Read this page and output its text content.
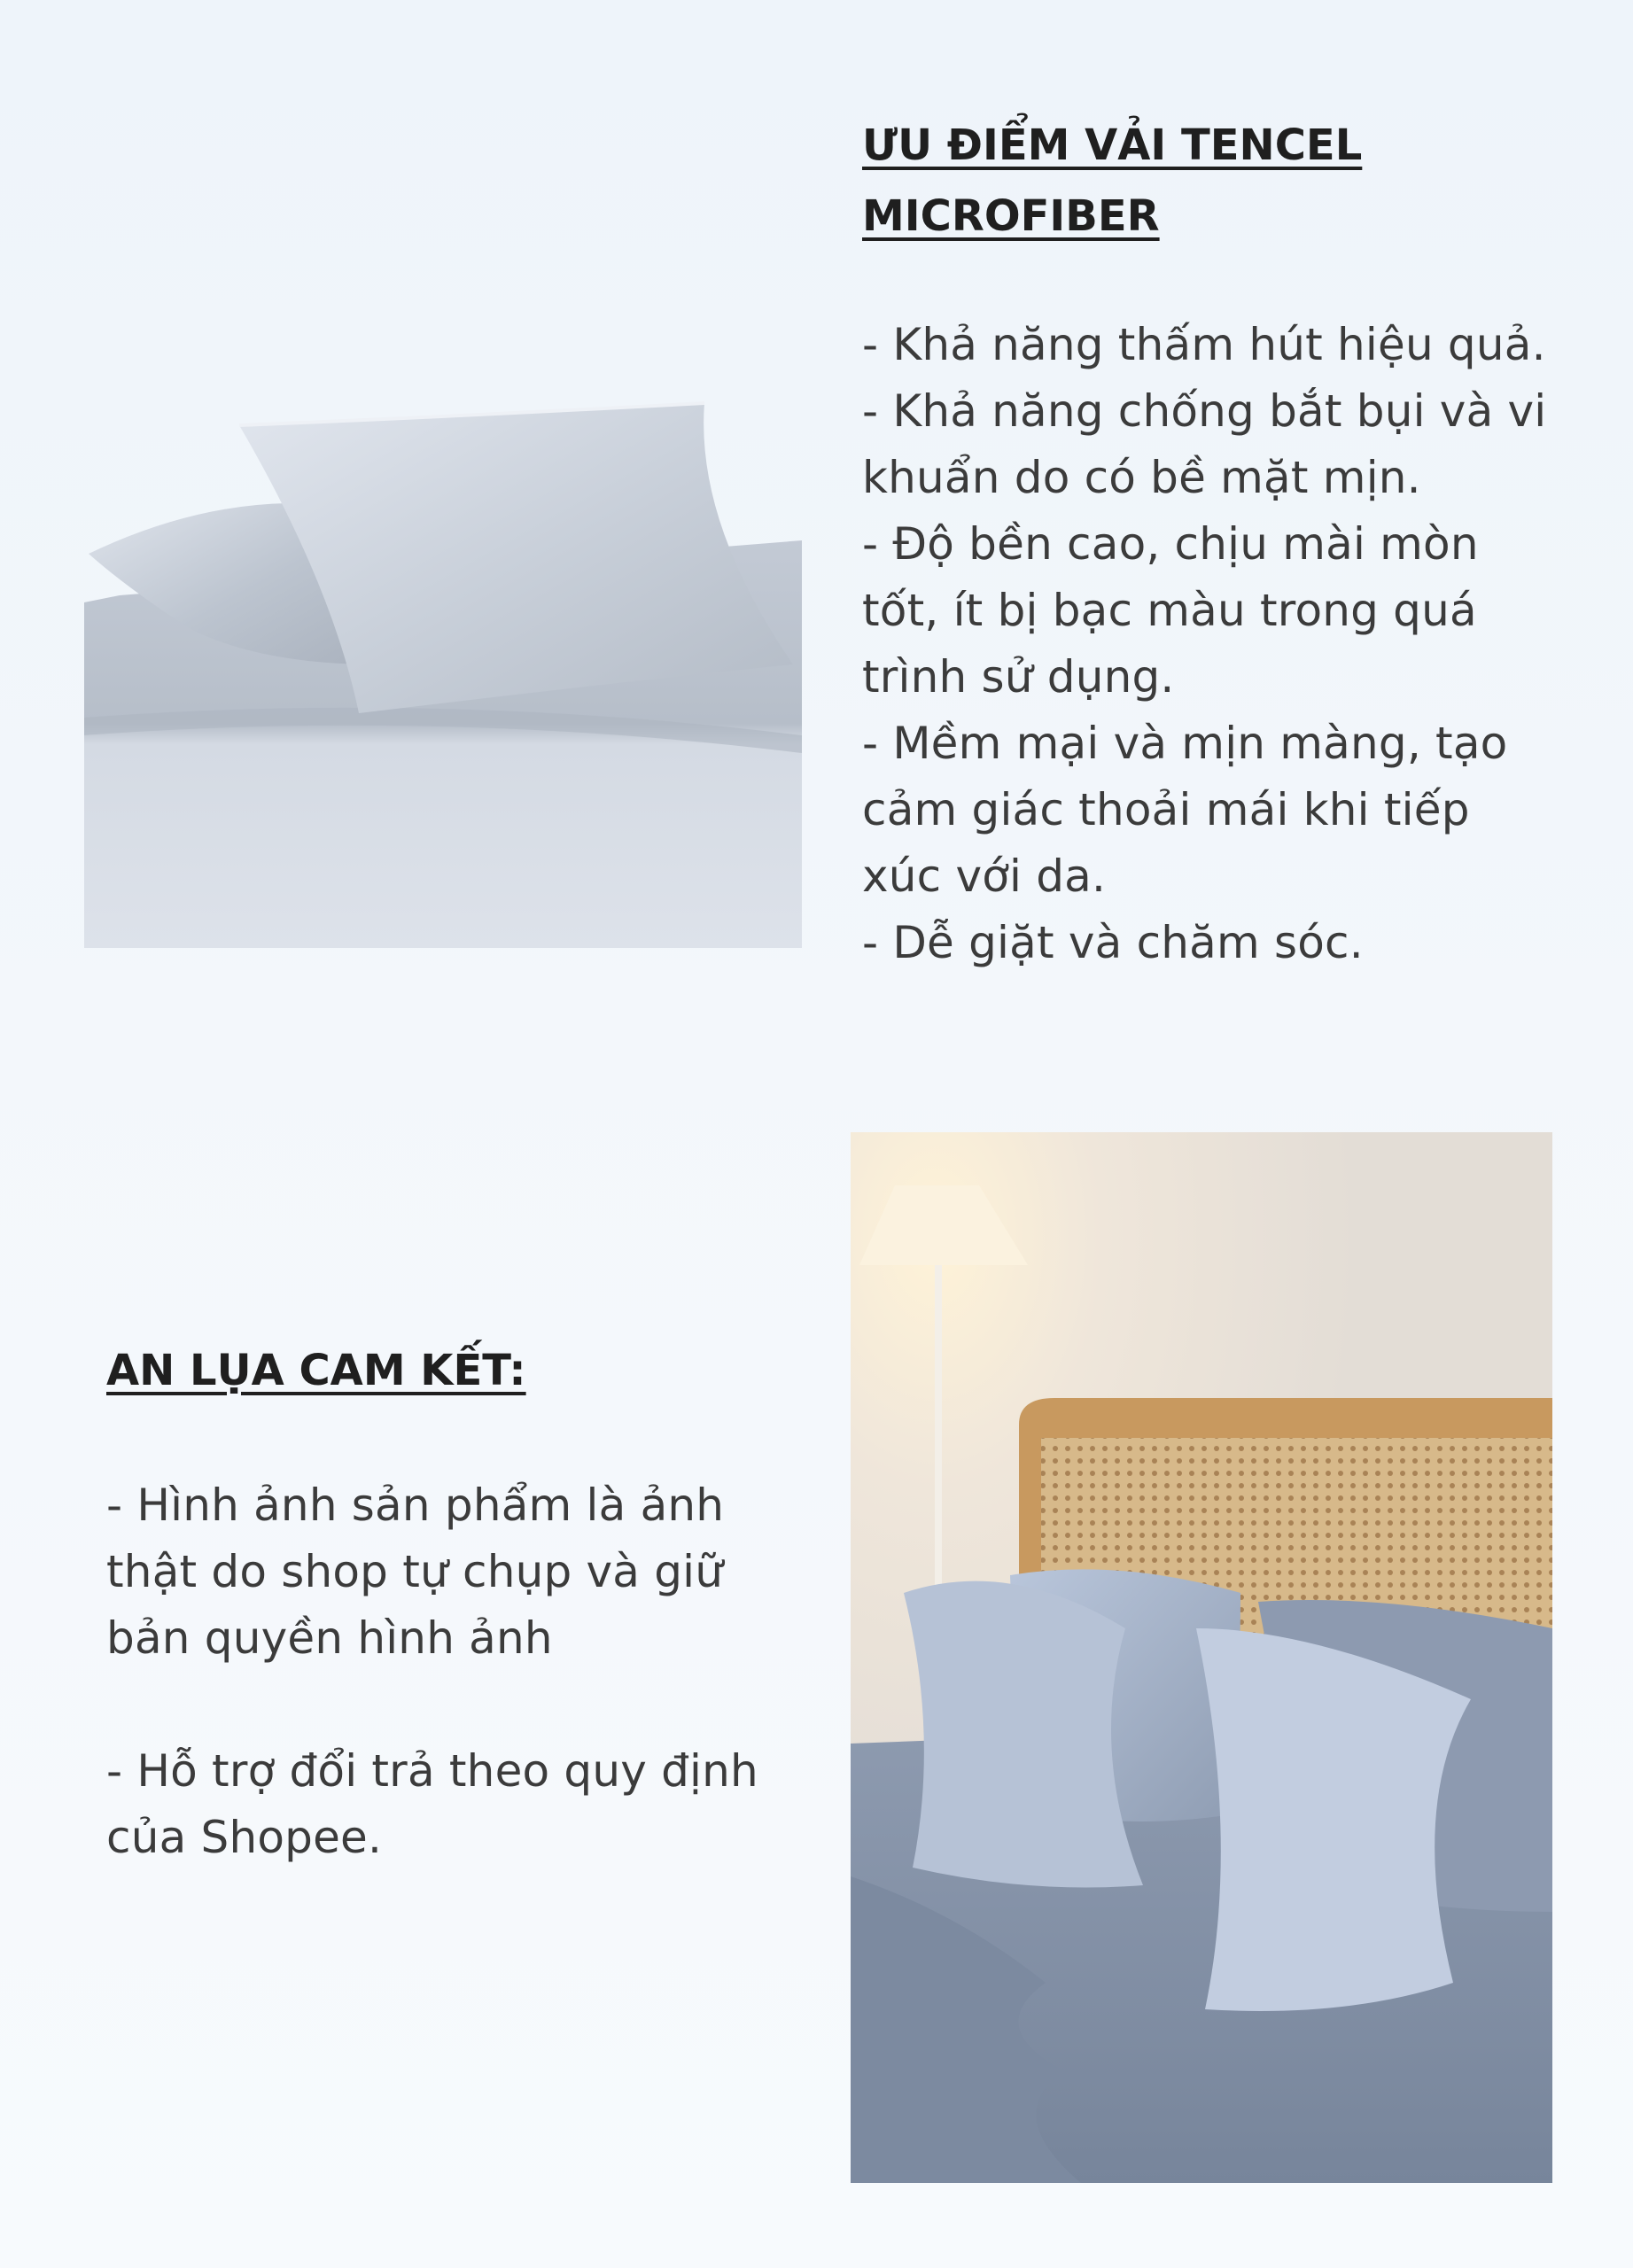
ƯU ĐIỂM VẢI TENCEL MICROFIBER
- Khả năng thấm hút hiệu quả.
- Khả năng chống bắt bụi và vi khuẩn do có bề mặt mịn.
- Độ bền cao, chịu mài mòn tốt, ít bị bạc màu trong quá trình sử dụng.
- Mềm mại và mịn màng, tạo cảm giác thoải mái khi tiếp xúc với da.
- Dễ giặt và chăm sóc.
AN LỤA CAM KẾT:
- Hình ảnh sản phẩm là ảnh thật do shop tự chụp và giữ bản quyền hình ảnh
- Hỗ trợ đổi trả theo quy định của Shopee.
